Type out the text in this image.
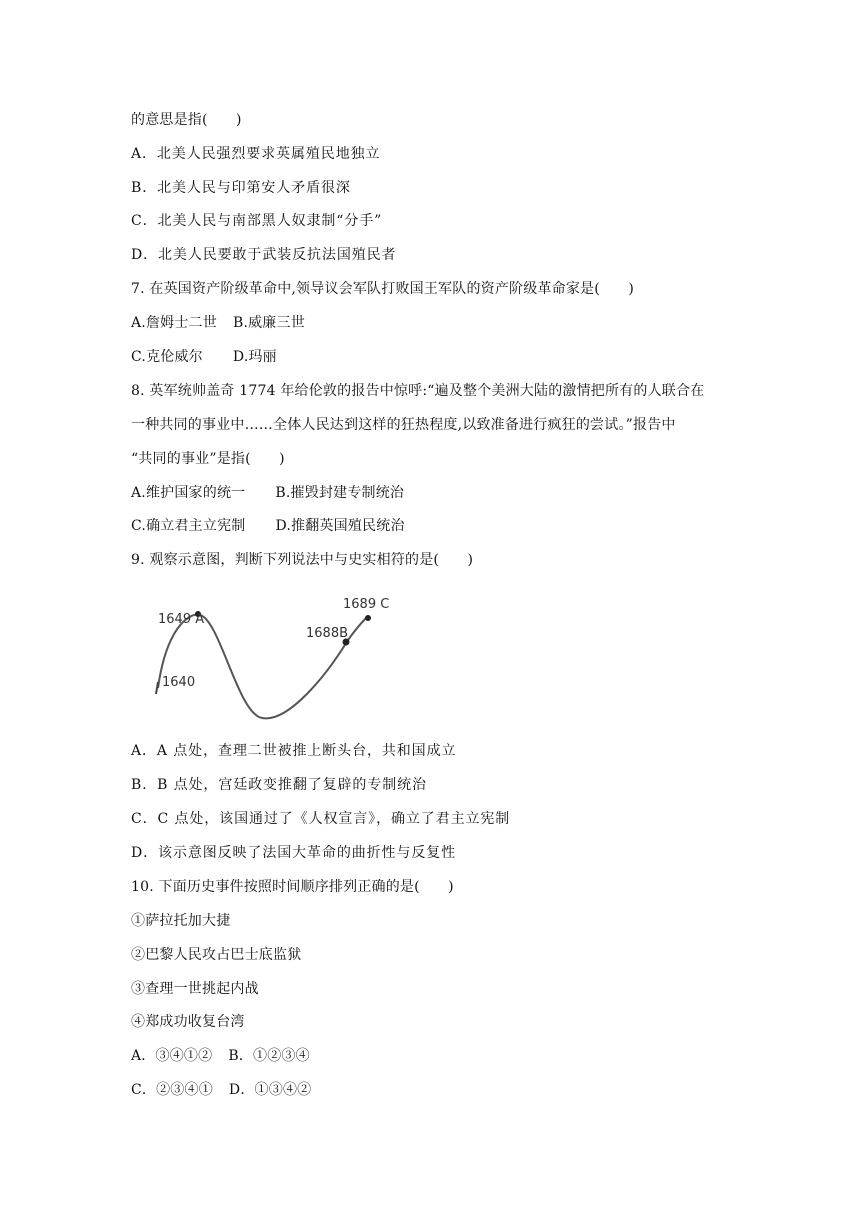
的意思是指(　　)
A．北美人民强烈要求英属殖民地独立
B．北美人民与印第安人矛盾很深
C．北美人民与南部黑人奴隶制“分手”
D．北美人民要敢于武装反抗法国殖民者
7. 在英国资产阶级革命中,领导议会军队打败国王军队的资产阶级革命家是(　　)
A.詹姆士二世 B.威廉三世
C.克伦威尔 D.玛丽
8. 英军统帅盖奇 1774 年给伦敦的报告中惊呼:“遍及整个美洲大陆的激情把所有的人联合在
一种共同的事业中……全体人民达到这样的狂热程度,以致准备进行疯狂的尝试。”报告中
“共同的事业”是指(　　)
A.维护国家的统一 B.摧毁封建专制统治
C.确立君主立宪制 D.推翻英国殖民统治
9. 观察示意图，判断下列说法中与史实相符的是(　　)
1640
1649 A
1688B
1689 C
A．A 点处，查理二世被推上断头台，共和国成立
B．B 点处，宫廷政变推翻了复辟的专制统治
C．C 点处，该国通过了《人权宣言》，确立了君主立宪制
D．该示意图反映了法国大革命的曲折性与反复性
10. 下面历史事件按照时间顺序排列正确的是(　　)
①萨拉托加大捷
②巴黎人民攻占巴士底监狱
③查理一世挑起内战
④郑成功收复台湾
A．③④①② B．①②③④
C．②③④① D．①③④②
